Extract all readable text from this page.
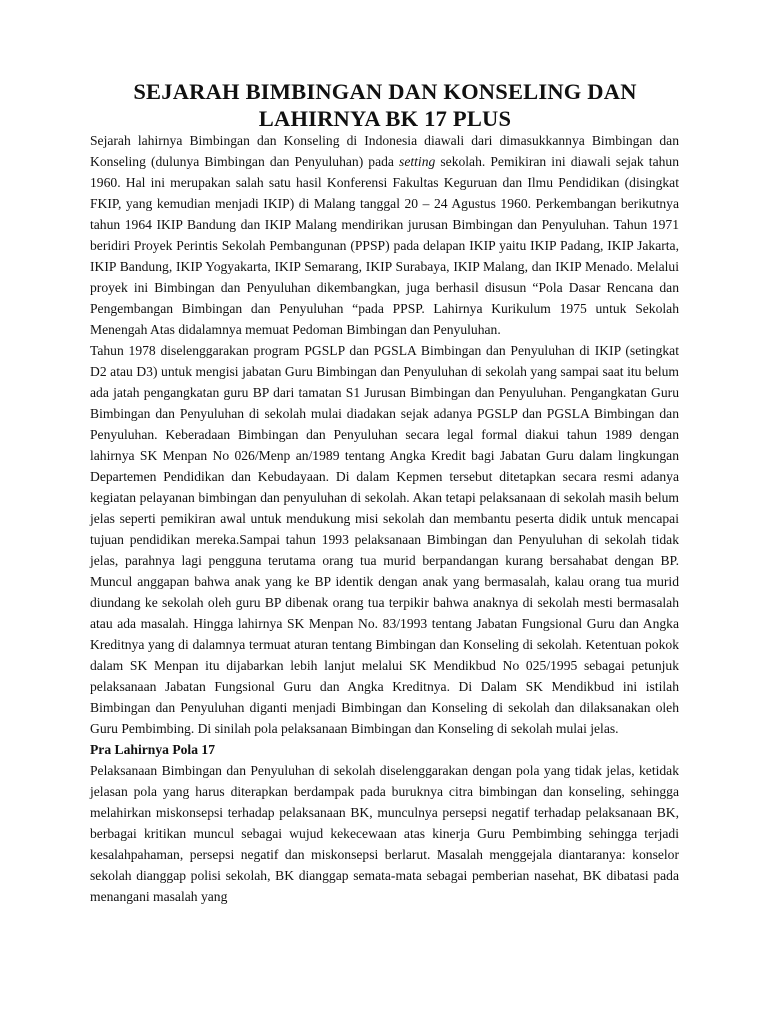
SEJARAH BIMBINGAN DAN KONSELING DAN
LAHIRNYA BK 17 PLUS

Sejarah lahirnya Bimbingan dan Konseling di Indonesia diawali dari dimasukkannya Bimbingan dan Konseling (dulunya Bimbingan dan Penyuluhan) pada setting sekolah. Pemikiran ini diawali sejak tahun 1960. Hal ini merupakan salah satu hasil Konferensi Fakultas Keguruan dan Ilmu Pendidikan (disingkat FKIP, yang kemudian menjadi IKIP) di Malang tanggal 20 – 24 Agustus 1960. Perkembangan berikutnya tahun 1964 IKIP Bandung dan IKIP Malang mendirikan jurusan Bimbingan dan Penyuluhan. Tahun 1971 beridiri Proyek Perintis Sekolah Pembangunan (PPSP) pada delapan IKIP yaitu IKIP Padang, IKIP Jakarta, IKIP Bandung, IKIP Yogyakarta, IKIP Semarang, IKIP Surabaya, IKIP Malang, dan IKIP Menado. Melalui proyek ini Bimbingan dan Penyuluhan dikembangkan, juga berhasil disusun “Pola Dasar Rencana dan Pengembangan Bimbingan dan Penyuluhan “pada PPSP. Lahirnya Kurikulum 1975 untuk Sekolah Menengah Atas didalamnya memuat Pedoman Bimbingan dan Penyuluhan.

Tahun 1978 diselenggarakan program PGSLP dan PGSLA Bimbingan dan Penyuluhan di IKIP (setingkat D2 atau D3) untuk mengisi jabatan Guru Bimbingan dan Penyuluhan di sekolah yang sampai saat itu belum ada jatah pengangkatan guru BP dari tamatan S1 Jurusan Bimbingan dan Penyuluhan. Pengangkatan Guru Bimbingan dan Penyuluhan di sekolah mulai diadakan sejak adanya PGSLP dan PGSLA Bimbingan dan Penyuluhan. Keberadaan Bimbingan dan Penyuluhan secara legal formal diakui tahun 1989 dengan lahirnya SK Menpan No 026/Menp an/1989 tentang Angka Kredit bagi Jabatan Guru dalam lingkungan Departemen Pendidikan dan Kebudayaan. Di dalam Kepmen tersebut ditetapkan secara resmi adanya kegiatan pelayanan bimbingan dan penyuluhan di sekolah. Akan tetapi pelaksanaan di sekolah masih belum jelas seperti pemikiran awal untuk mendukung misi sekolah dan membantu peserta didik untuk mencapai tujuan pendidikan mereka.Sampai tahun 1993 pelaksanaan Bimbingan dan Penyuluhan di sekolah tidak jelas, parahnya lagi pengguna terutama orang tua murid berpandangan kurang bersahabat dengan BP. Muncul anggapan bahwa anak yang ke BP identik dengan anak yang bermasalah, kalau orang tua murid diundang ke sekolah oleh guru BP dibenak orang tua terpikir bahwa anaknya di sekolah mesti bermasalah atau ada masalah. Hingga lahirnya SK Menpan No. 83/1993 tentang Jabatan Fungsional Guru dan Angka Kreditnya yang di dalamnya termuat aturan tentang Bimbingan dan Konseling di sekolah. Ketentuan pokok dalam SK Menpan itu dijabarkan lebih lanjut melalui SK Mendikbud No 025/1995 sebagai petunjuk pelaksanaan Jabatan Fungsional Guru dan Angka Kreditnya. Di Dalam SK Mendikbud ini istilah Bimbingan dan Penyuluhan diganti menjadi Bimbingan dan Konseling di sekolah dan dilaksanakan oleh Guru Pembimbing. Di sinilah pola pelaksanaan Bimbingan dan Konseling di sekolah mulai jelas.

Pra Lahirnya Pola 17

Pelaksanaan Bimbingan dan Penyuluhan di sekolah diselenggarakan dengan pola yang tidak jelas, ketidak jelasan pola yang harus diterapkan berdampak pada buruknya citra bimbingan dan konseling, sehingga melahirkan miskonsepsi terhadap pelaksanaan BK, munculnya persepsi negatif terhadap pelaksanaan BK, berbagai kritikan muncul sebagai wujud kekecewaan atas kinerja Guru Pembimbing sehingga terjadi kesalahpahaman, persepsi negatif dan miskonsepsi berlarut. Masalah menggejala diantaranya: konselor sekolah dianggap polisi sekolah, BK dianggap semata-mata sebagai pemberian nasehat, BK dibatasi pada menangani masalah yang
